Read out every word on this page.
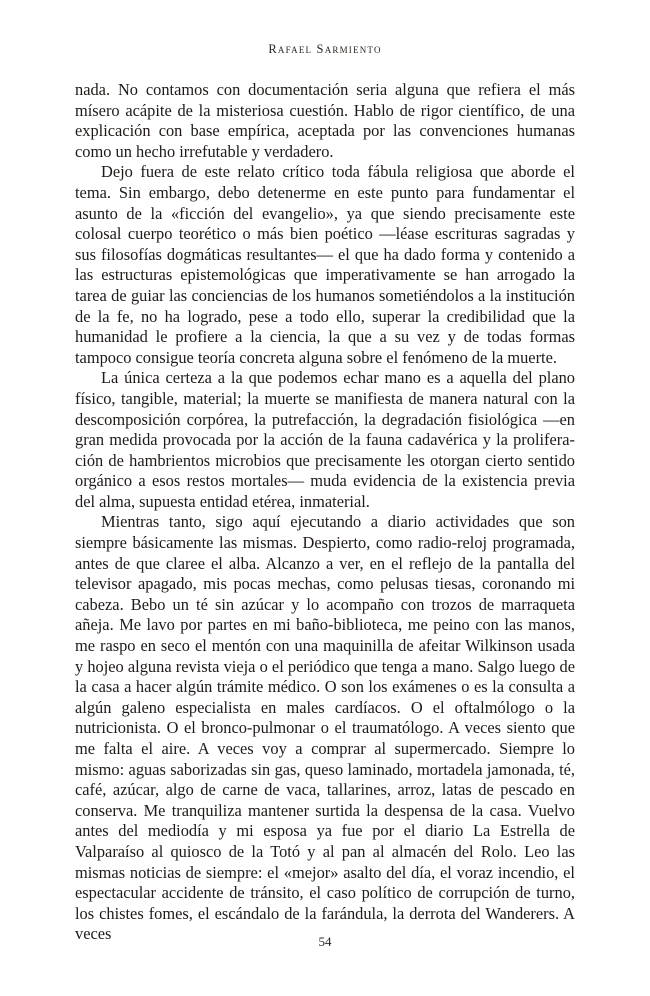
Rafael Sarmiento

nada. No contamos con documentación seria alguna que refiera el más mísero acápite de la misteriosa cuestión. Hablo de rigor científico, de una explicación con base empírica, aceptada por las convenciones humanas como un hecho irrefutable y verdadero.

Dejo fuera de este relato crítico toda fábula religiosa que aborde el tema. Sin embargo, debo detenerme en este punto para fundamentar el asunto de la «ficción del evangelio», ya que siendo precisamente este colosal cuerpo teorético o más bien poético —léase escrituras sagradas y sus filosofías dogmáticas resultantes— el que ha dado forma y contenido a las estructuras epistemológicas que imperativamente se han arrogado la tarea de guiar las conciencias de los humanos sometiéndolos a la institución de la fe, no ha logrado, pese a todo ello, superar la credibilidad que la humanidad le profiere a la ciencia, la que a su vez y de todas formas tampoco consigue teoría concreta alguna sobre el fenómeno de la muerte.

La única certeza a la que podemos echar mano es a aquella del plano físico, tangible, material; la muerte se manifiesta de manera natural con la descomposición corpórea, la putrefacción, la degradación fisiológica —en gran medida provocada por la acción de la fauna cadavérica y la proliferación de hambrientos microbios que precisamente les otorgan cierto sentido orgánico a esos restos mortales— muda evidencia de la existencia previa del alma, supuesta entidad etérea, inmaterial.

Mientras tanto, sigo aquí ejecutando a diario actividades que son siempre básicamente las mismas. Despierto, como radio-reloj programada, antes de que claree el alba. Alcanzo a ver, en el reflejo de la pantalla del televisor apagado, mis pocas mechas, como pelusas tiesas, coronando mi cabeza. Bebo un té sin azúcar y lo acompaño con trozos de marraqueta añeja. Me lavo por partes en mi baño-biblioteca, me peino con las manos, me raspo en seco el mentón con una maquinilla de afeitar Wilkinson usada y hojeo alguna revista vieja o el periódico que tenga a mano. Salgo luego de la casa a hacer algún trámite médico. O son los exámenes o es la consulta a algún galeno especialista en males cardíacos. O el oftalmólogo o la nutricionista. O el bronco-pulmonar o el traumatólogo. A veces siento que me falta el aire. A veces voy a comprar al supermercado. Siempre lo mismo: aguas saborizadas sin gas, queso laminado, mortadela jamonada, té, café, azúcar, algo de carne de vaca, tallarines, arroz, latas de pescado en conserva. Me tranquiliza mantener surtida la despensa de la casa. Vuelvo antes del mediodía y mi esposa ya fue por el diario La Estrella de Valparaíso al quiosco de la Totó y al pan al almacén del Rolo. Leo las mismas noticias de siempre: el «mejor» asalto del día, el voraz incendio, el espectacular accidente de tránsito, el caso político de corrupción de turno, los chistes fomes, el escándalo de la farándula, la derrota del Wanderers. A veces	54
